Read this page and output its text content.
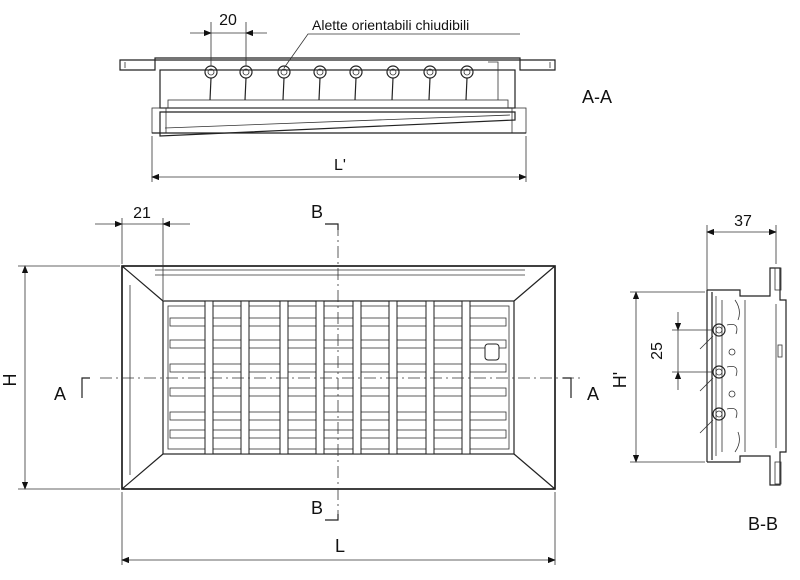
20	Alette orientabili chiudibili
L'
A-A
B
B
A	A
21
H
L
37
25
H'
B-B
